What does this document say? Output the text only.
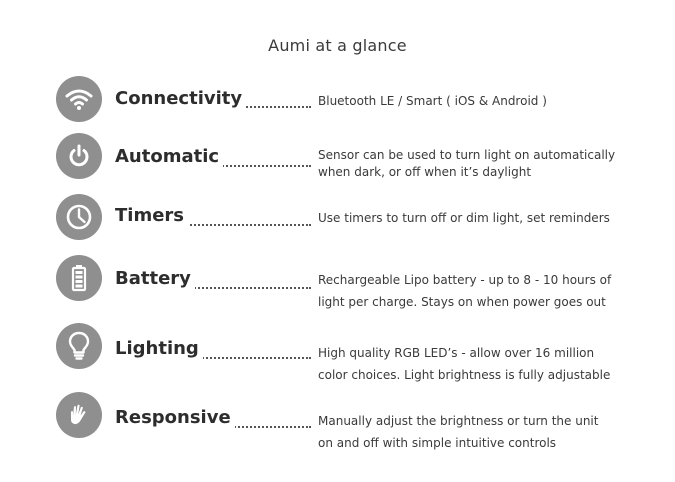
Aumi at a glance
Connectivity	Bluetooth LE / Smart ( iOS & Android )
Automatic	Sensor can be used to turn light on automatically
when dark, or off when it’s daylight
Timers	Use timers to turn off or dim light, set reminders
Battery	Rechargeable Lipo battery - up to 8 - 10 hours of
light per charge. Stays on when power goes out
Lighting	High quality RGB LED’s - allow over 16 million
color choices. Light brightness is fully adjustable
Responsive	Manually adjust the brightness or turn the unit
on and off with simple intuitive controls
